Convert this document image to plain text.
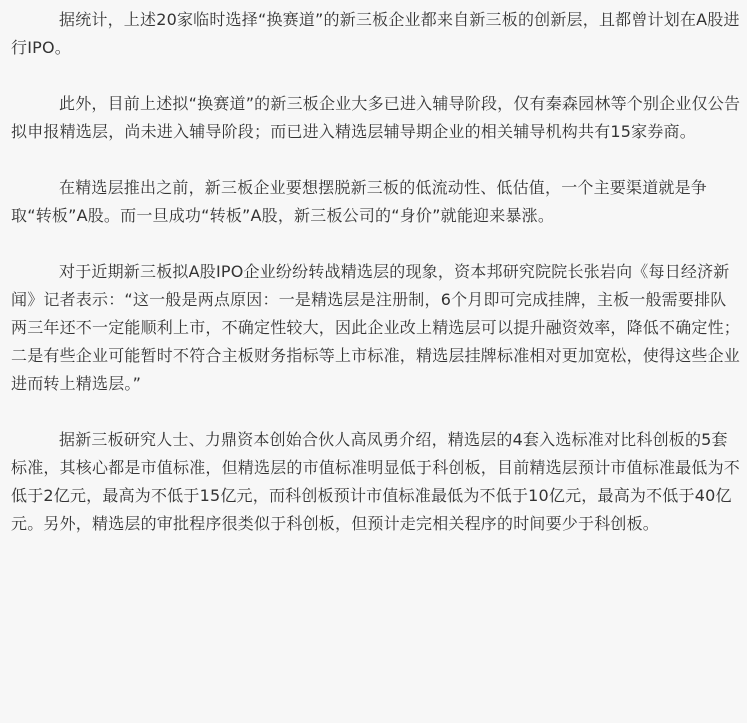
据统计，上述20家临时选择“换赛道”的新三板企业都来自新三板的创新层，且都曾计划在A股进行IPO。

此外，目前上述拟“换赛道”的新三板企业大多已进入辅导阶段，仅有秦森园林等个别企业仅公告拟申报精选层，尚未进入辅导阶段；而已进入精选层辅导期企业的相关辅导机构共有15家券商。

在精选层推出之前，新三板企业要想摆脱新三板的低流动性、低估值，一个主要渠道就是争取“转板”A股。而一旦成功“转板”A股，新三板公司的“身价”就能迎来暴涨。

对于近期新三板拟A股IPO企业纷纷转战精选层的现象，资本邦研究院院长张岩向《每日经济新闻》记者表示：“这一般是两点原因：一是精选层是注册制，6个月即可完成挂牌，主板一般需要排队两三年还不一定能顺利上市，不确定性较大，因此企业改上精选层可以提升融资效率，降低不确定性；二是有些企业可能暂时不符合主板财务指标等上市标准，精选层挂牌标准相对更加宽松，使得这些企业进而转上精选层。”

据新三板研究人士、力鼎资本创始合伙人高凤勇介绍，精选层的4套入选标准对比科创板的5套标准，其核心都是市值标准，但精选层的市值标准明显低于科创板，目前精选层预计市值标准最低为不低于2亿元，最高为不低于15亿元，而科创板预计市值标准最低为不低于10亿元，最高为不低于40亿元。另外，精选层的审批程序很类似于科创板，但预计走完相关程序的时间要少于科创板。
